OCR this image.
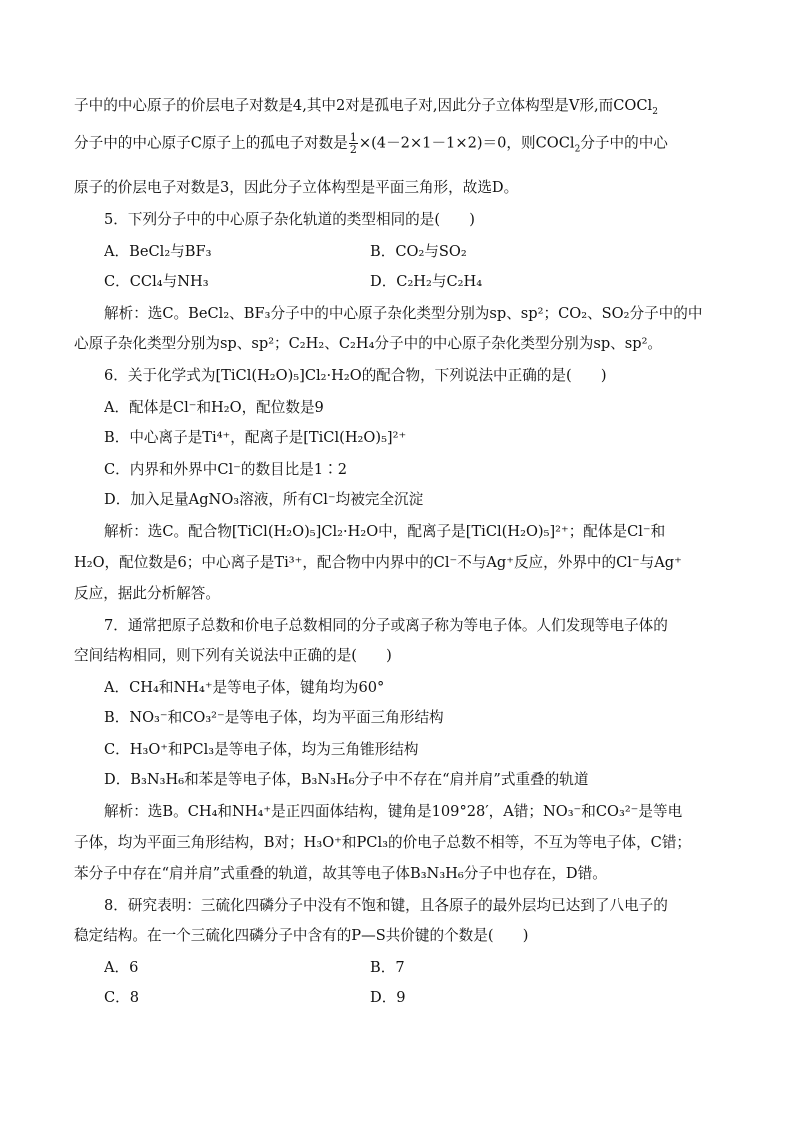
子中的中心原子的价层电子对数是4,其中2对是孤电子对,因此分子立体构型是V形,而COCl$_2$
分子中的中心原子C原子上的孤电子对数是 $\frac{1}{2} \times(4-2\times 1-1\times 2)=0$，则COCl$_2$分子中的中心
原子的价层电子对数是3，因此分子立体构型是平面三角形，故选D。
5．下列分子中的中心原子杂化轨道的类型相同的是(　　)
A．BeCl₂与BF₃	B．CO₂与SO₂
C．CCl₄与NH₃	D．C₂H₂与C₂H₄
解析：选C。BeCl₂、BF₃分子中的中心原子杂化类型分别为sp、sp²；CO₂、SO₂分子中的中
心原子杂化类型分别为sp、sp²；C₂H₂、C₂H₄分子中的中心原子杂化类型分别为sp、sp²。
6．关于化学式为[TiCl(H₂O)₅]Cl₂·H₂O的配合物，下列说法中正确的是(　　)
A．配体是Cl⁻和H₂O，配位数是9
B．中心离子是Ti⁴⁺，配离子是[TiCl(H₂O)₅]²⁺
C．内界和外界中Cl⁻的数目比是1∶2
D．加入足量AgNO₃溶液，所有Cl⁻均被完全沉淀
解析：选C。配合物[TiCl(H₂O)₅]Cl₂·H₂O中，配离子是[TiCl(H₂O)₅]²⁺；配体是Cl⁻和
H₂O，配位数是6；中心离子是Ti³⁺，配合物中内界中的Cl⁻不与Ag⁺反应，外界中的Cl⁻与Ag⁺
反应，据此分析解答。
7．通常把原子总数和价电子总数相同的分子或离子称为等电子体。人们发现等电子体的
空间结构相同，则下列有关说法中正确的是(　　)
A．CH₄和NH₄⁺是等电子体，键角均为60°
B．NO₃⁻和CO₃²⁻是等电子体，均为平面三角形结构
C．H₃O⁺和PCl₃是等电子体，均为三角锥形结构
D．B₃N₃H₆和苯是等电子体，B₃N₃H₆分子中不存在“肩并肩”式重叠的轨道
解析：选B。CH₄和NH₄⁺是正四面体结构，键角是109°28′，A错；NO₃⁻和CO₃²⁻是等电
子体，均为平面三角形结构，B对；H₃O⁺和PCl₃的价电子总数不相等，不互为等电子体，C错；
苯分子中存在“肩并肩”式重叠的轨道，故其等电子体B₃N₃H₆分子中也存在，D错。
8．研究表明：三硫化四磷分子中没有不饱和键，且各原子的最外层均已达到了八电子的
稳定结构。在一个三硫化四磷分子中含有的P—S共价键的个数是(　　)
A．6	B．7
C．8	D．9
